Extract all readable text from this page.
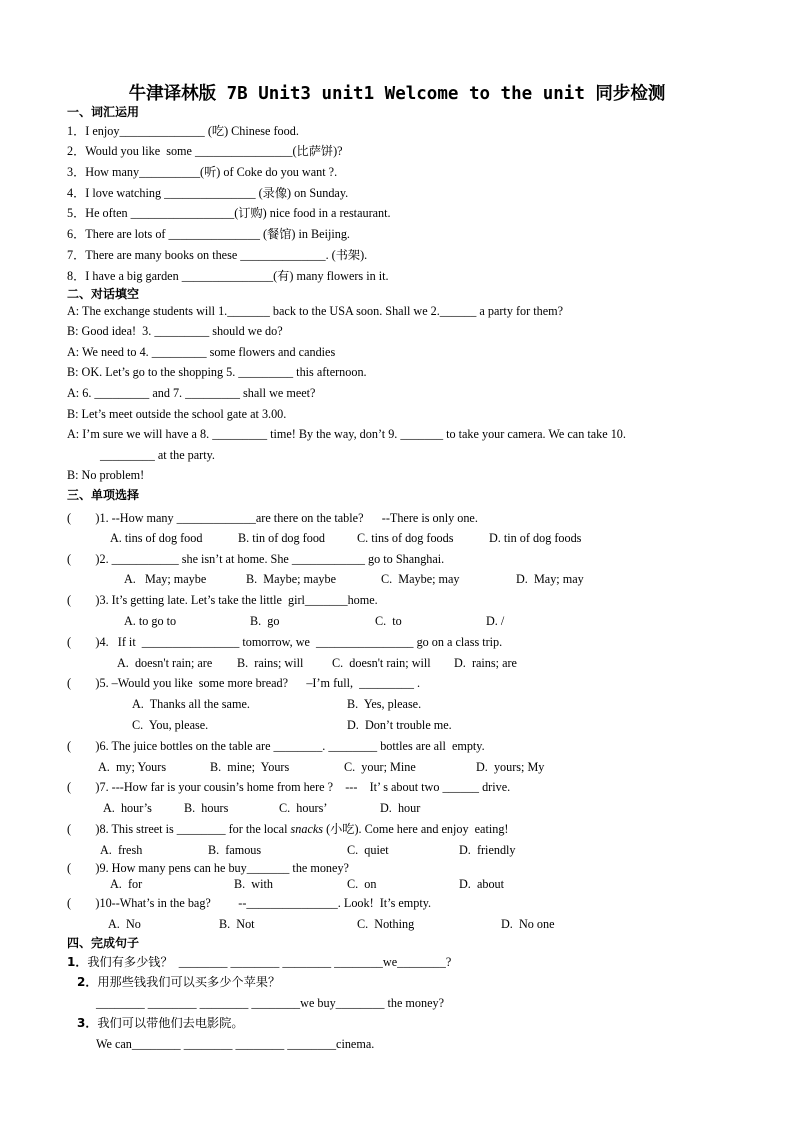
牛津译林版 7B Unit3 unit1 Welcome to the unit 同步检测
一、词汇运用
1．I enjoy______________ (吃) Chinese food.
2．Would you like  some ________________(比萨饼)?
3．How many__________(听) of Coke do you want ?.
4．I love watching _______________ (录像) on Sunday.
5．He often _________________(订购) nice food in a restaurant.
6．There are lots of _______________ (餐馆) in Beijing.
7．There are many books on these ______________. (书架).
8．I have a big garden _______________(有) many flowers in it.
二、对话填空
A: The exchange students will 1._______ back to the USA soon. Shall we 2.______ a party for them?
B: Good idea!  3. _________ should we do?
A: We need to 4. _________ some flowers and candies
B: OK. Let’s go to the shopping 5. _________ this afternoon.
A: 6. _________ and 7. _________ shall we meet?
B: Let’s meet outside the school gate at 3.00.
A: I’m sure we will have a 8. _________ time! By the way, don’t 9. _______ to take your camera. We can take 10.
_________ at the party.
B: No problem!
三、单项选择
(        )1. --How many _____________are there on the table?      --There is only one.
A. tins of dog food	B. tin of dog food	C. tins of dog foods	D. tin of dog foods
(        )2. ___________ she isn’t at home. She ____________ go to Shanghai.
A.   May; maybe	B.  Maybe; maybe	C.  Maybe; may	D.  May; may
(        )3. It’s getting late. Let’s take the little  girl_______home.
A. to go to	B.  go	C.  to	D. /
(        )4.   If it  ________________ tomorrow, we  ________________ go on a class trip.
A.  doesn't rain; are B.  rains; will C.  doesn't rain; will D.  rains; are
(        )5. –Would you like  some more bread?      –I’m full,  _________ .
A.  Thanks all the same.	B.  Yes, please.
C.  You, please.	D.  Don’t trouble me.
(        )6. The juice bottles on the table are ________. ________ bottles are all  empty.
A.  my; Yours	B.  mine;  Yours	C.  your; Mine	D.  yours; My
(        )7. ---How far is your cousin’s home from here ?    ---    It’ s about two ______ drive.
A.  hour’s	B.  hours	C.  hours’	D.  hour
(        )8. This street is ________ for the local snacks (小吃). Come here and enjoy  eating!
A.  fresh	B.  famous	C.  quiet	D.  friendly
(        )9. How many pens can he buy_______ the money?
A.  for	B.  with	C.  on	D.  about
(        )10--What’s in the bag?         --_______________. Look!  It’s empty.
A.  No	B.  Not	C.  Nothing	D.  No one
四、完成句子
1．我们有多少钱？  ________ ________ ________ ________we________?
2．用那些钱我们可以买多少个苹果？
________ ________ ________ ________we buy________ the money?
3．我们可以带他们去电影院。
We can________ ________ ________ ________cinema.
